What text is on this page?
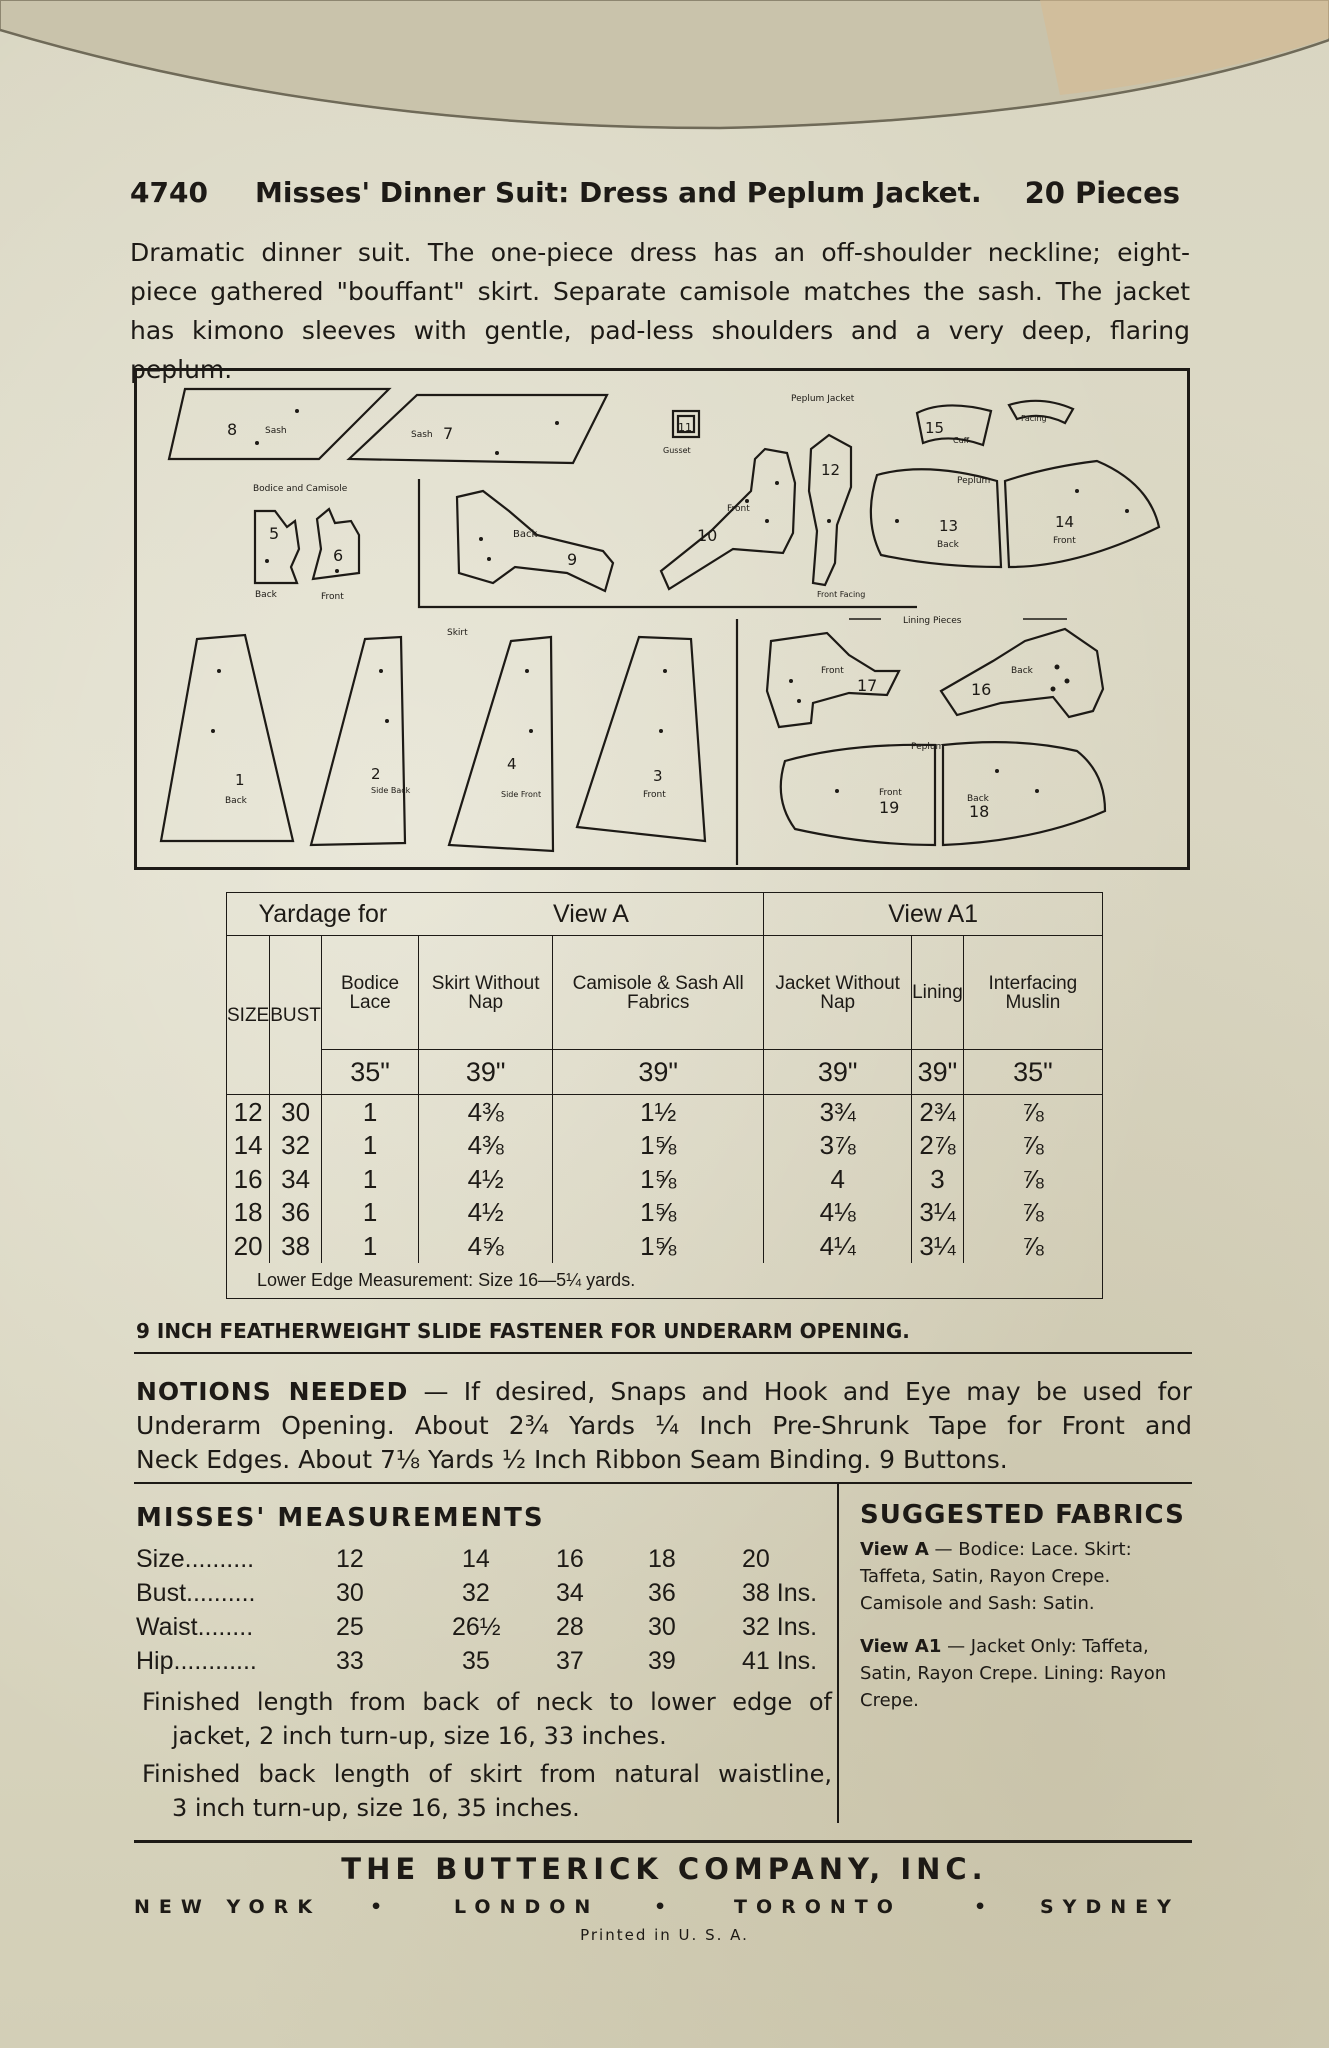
4740 Misses' Dinner Suit: Dress and Peplum Jacket. 20 Pieces
Dramatic dinner suit. The one-piece dress has an off-shoulder neckline; eight-
piece gathered "bouffant" skirt. Separate camisole matches the sash. The jacket
has kimono sleeves with gentle, pad-less shoulders and a very deep, flaring peplum.
8	Sash	Sash 7
Bodice and Camisole
5
Back
6
Front
Back
9
11
Gusset
Peplum Jacket
Front
10
12
Front Facing
15
Cuff
Facing
Peplum
13
Back
14
Front
Skirt
1
Back
2
Side Back
4
Side Front
3
Front
Lining Pieces
Front
17
Back
16
Peplum
Front
19	Back
18
Yardage for			View A		View A1		
SIZE	BUST	Bodice Lace	Skirt Without Nap	Camisole & Sash All Fabrics	Jacket Without Nap	Lining	Interfacing Muslin
		35"	39"	39"	39"	39"	35"
12	30	1	4⅜	1½	3¾	2¾	⅞
14	32	1	4⅜	1⅝	3⅞	2⅞	⅞
16	34	1	4½	1⅝	4	3	⅞
18	36	1	4½	1⅝	4⅛	3¼	⅞
20	38	1	4⅝	1⅝	4¼	3¼	⅞
Lower Edge Measurement: Size 16—5¼ yards.							
9 INCH FEATHERWEIGHT SLIDE FASTENER FOR UNDERARM OPENING.
NOTIONS NEEDED — If desired, Snaps and Hook and Eye may be used for
Underarm Opening. About 2¾ Yards ¼ Inch Pre-Shrunk Tape for Front and
Neck Edges. About 7⅛ Yards ½ Inch Ribbon Seam Binding. 9 Buttons.
MISSES' MEASUREMENTS
Size..........	12	14	16	18	20
Bust..........	30	32	34	36	38 Ins.
Waist........	25	26½ 28	30	32 Ins.
Hip............	33	35	37	39	41 Ins.
Finished length from back of neck to lower edge of
jacket, 2 inch turn-up, size 16, 33 inches.
Finished back length of skirt from natural waistline,
3 inch turn-up, size 16, 35 inches.
SUGGESTED FABRICS
View A — Bodice: Lace. Skirt: Taffeta, Satin, Rayon Crepe. Camisole and Sash: Satin.
View A1 — Jacket Only: Taffeta, Satin, Rayon Crepe. Lining: Rayon Crepe.
THE BUTTERICK COMPANY, INC.
NEW YORK	•	LONDON	•	TORONTO	• SYDNEY
Printed in U. S. A.
